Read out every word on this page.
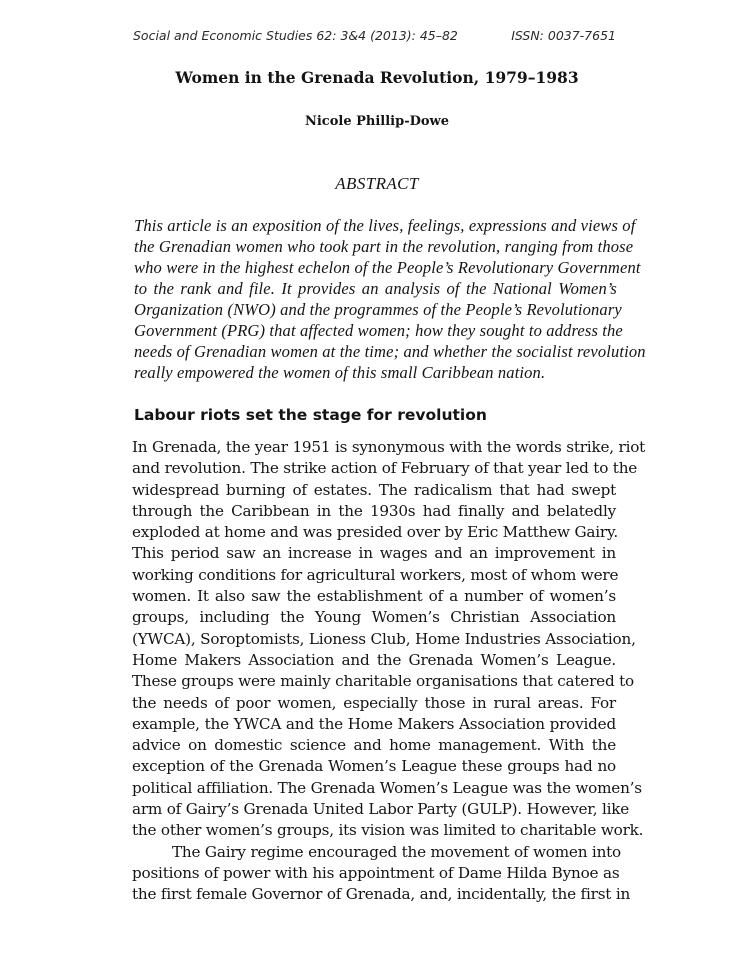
Social and Economic Studies 62: 3&4 (2013): 45–82	ISSN: 0037-7651
Women in the Grenada Revolution, 1979–1983
Nicole Phillip-Dowe
ABSTRACT
This article is an exposition of the lives, feelings, expressions and views of
the Grenadian women who took part in the revolution, ranging from those
who were in the highest echelon of the People’s Revolutionary Government
to the rank and file. It provides an analysis of the National Women’s
Organization (NWO) and the programmes of the People’s Revolutionary
Government (PRG) that affected women; how they sought to address the
needs of Grenadian women at the time; and whether the socialist revolution
really empowered the women of this small Caribbean nation.
Labour riots set the stage for revolution
In Grenada, the year 1951 is synonymous with the words strike, riot
and revolution. The strike action of February of that year led to the
widespread burning of estates. The radicalism that had swept
through the Caribbean in the 1930s had finally and belatedly
exploded at home and was presided over by Eric Matthew Gairy.
This period saw an increase in wages and an improvement in
working conditions for agricultural workers, most of whom were
women. It also saw the establishment of a number of women’s
groups, including the Young Women’s Christian Association
(YWCA), Soroptomists, Lioness Club, Home Industries Association,
Home Makers Association and the Grenada Women’s League.
These groups were mainly charitable organisations that catered to
the needs of poor women, especially those in rural areas. For
example, the YWCA and the Home Makers Association provided
advice on domestic science and home management. With the
exception of the Grenada Women’s League these groups had no
political affiliation. The Grenada Women’s League was the women’s
arm of Gairy’s Grenada United Labor Party (GULP). However, like
the other women’s groups, its vision was limited to charitable work.
The Gairy regime encouraged the movement of women into
positions of power with his appointment of Dame Hilda Bynoe as
the first female Governor of Grenada, and, incidentally, the first in
